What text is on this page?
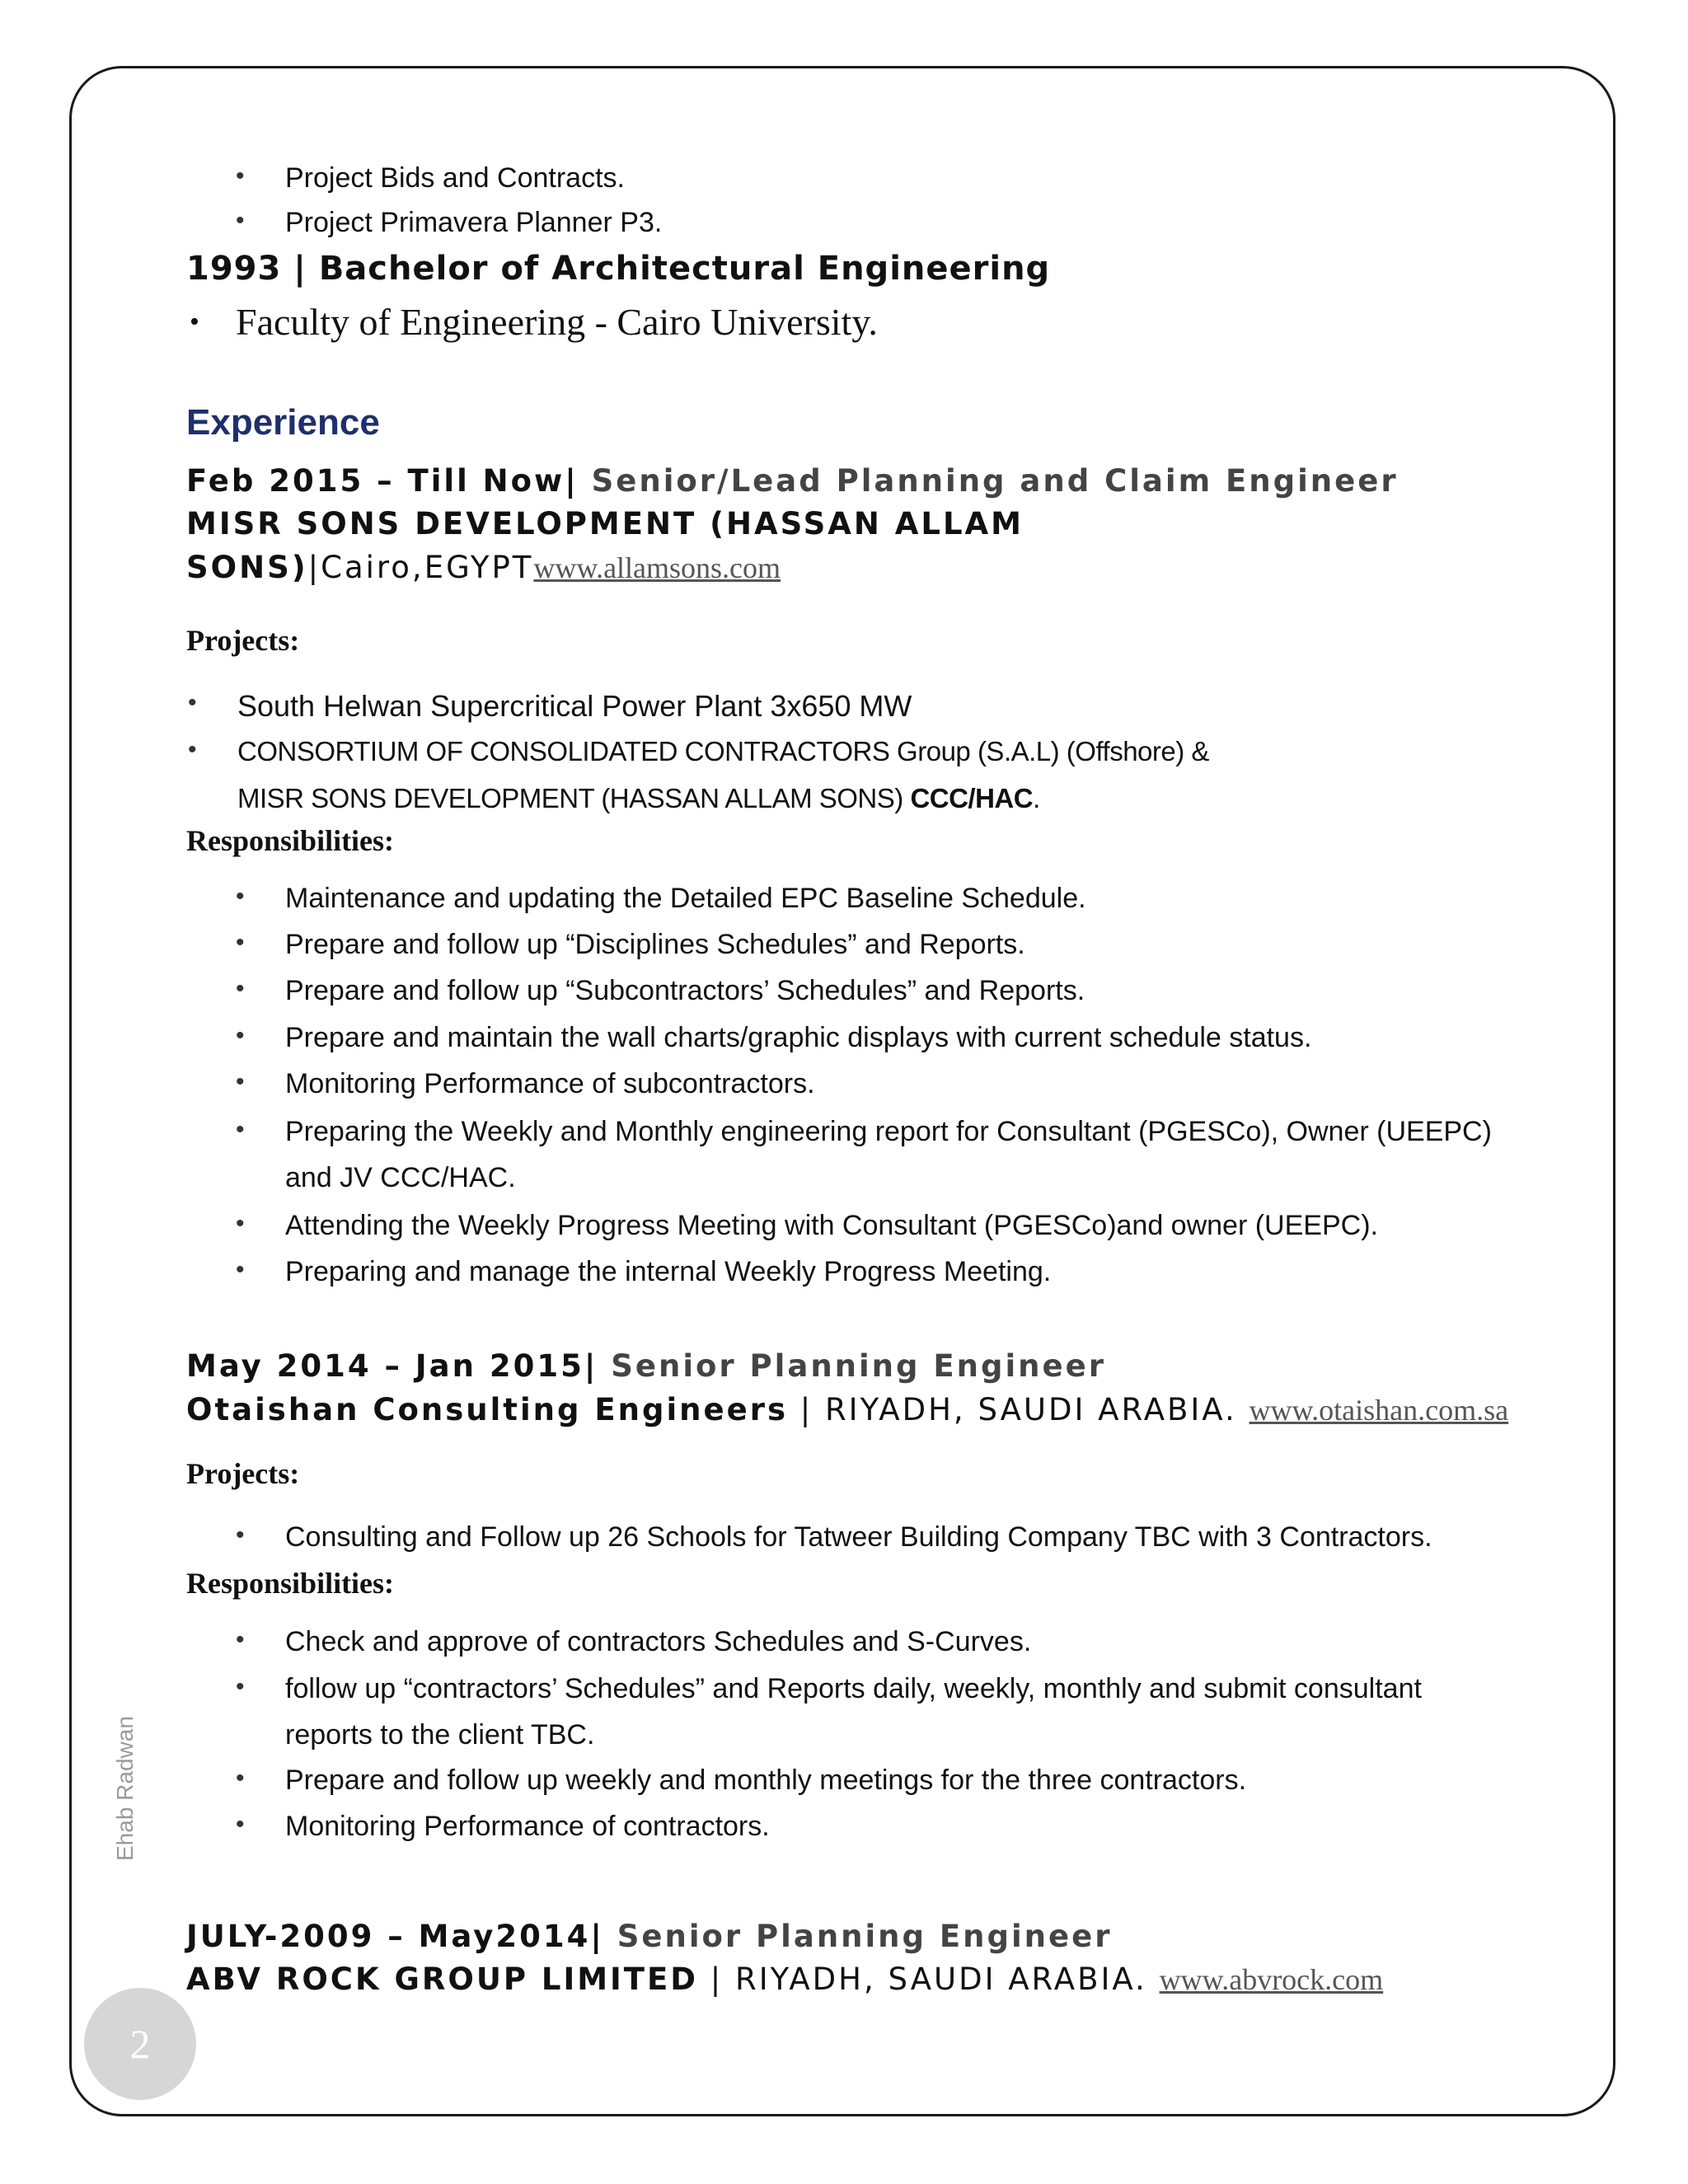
• Project Bids and Contracts.
• Project Primavera Planner P3.
1993 | Bachelor of Architectural Engineering
• Faculty of Engineering - Cairo University.
Experience
Feb 2015 – Till Now| Senior/Lead Planning and Claim Engineer
MISR SONS DEVELOPMENT (HASSAN ALLAM
SONS)|Cairo,EGYPTwww.allamsons.com
Projects:
• South Helwan Supercritical Power Plant 3x650 MW
• CONSORTIUM OF CONSOLIDATED CONTRACTORS Group (S.A.L) (Offshore) &
MISR SONS DEVELOPMENT (HASSAN ALLAM SONS) CCC/HAC.
Responsibilities:
• Maintenance and updating the Detailed EPC Baseline Schedule.
• Prepare and follow up “Disciplines Schedules” and Reports.
• Prepare and follow up “Subcontractors’ Schedules” and Reports.
• Prepare and maintain the wall charts/graphic displays with current schedule status.
• Monitoring Performance of subcontractors.
• Preparing the Weekly and Monthly engineering report for Consultant (PGESCo), Owner (UEEPC)
and JV CCC/HAC.
• Attending the Weekly Progress Meeting with Consultant (PGESCo)and owner (UEEPC).
• Preparing and manage the internal Weekly Progress Meeting.
May 2014 – Jan 2015| Senior Planning Engineer
Otaishan Consulting Engineers | RIYADH, SAUDI ARABIA. www.otaishan.com.sa
Projects:
• Consulting and Follow up 26 Schools for Tatweer Building Company TBC with 3 Contractors.
Responsibilities:
• Check and approve of contractors Schedules and S-Curves.
• follow up “contractors’ Schedules” and Reports daily, weekly, monthly and submit consultant
reports to the client TBC.
• Prepare and follow up weekly and monthly meetings for the three contractors.
• Monitoring Performance of contractors.
JULY-2009 – May2014| Senior Planning Engineer
ABV ROCK GROUP LIMITED | RIYADH, SAUDI ARABIA. www.abvrock.com
Ehab Radwan
2
